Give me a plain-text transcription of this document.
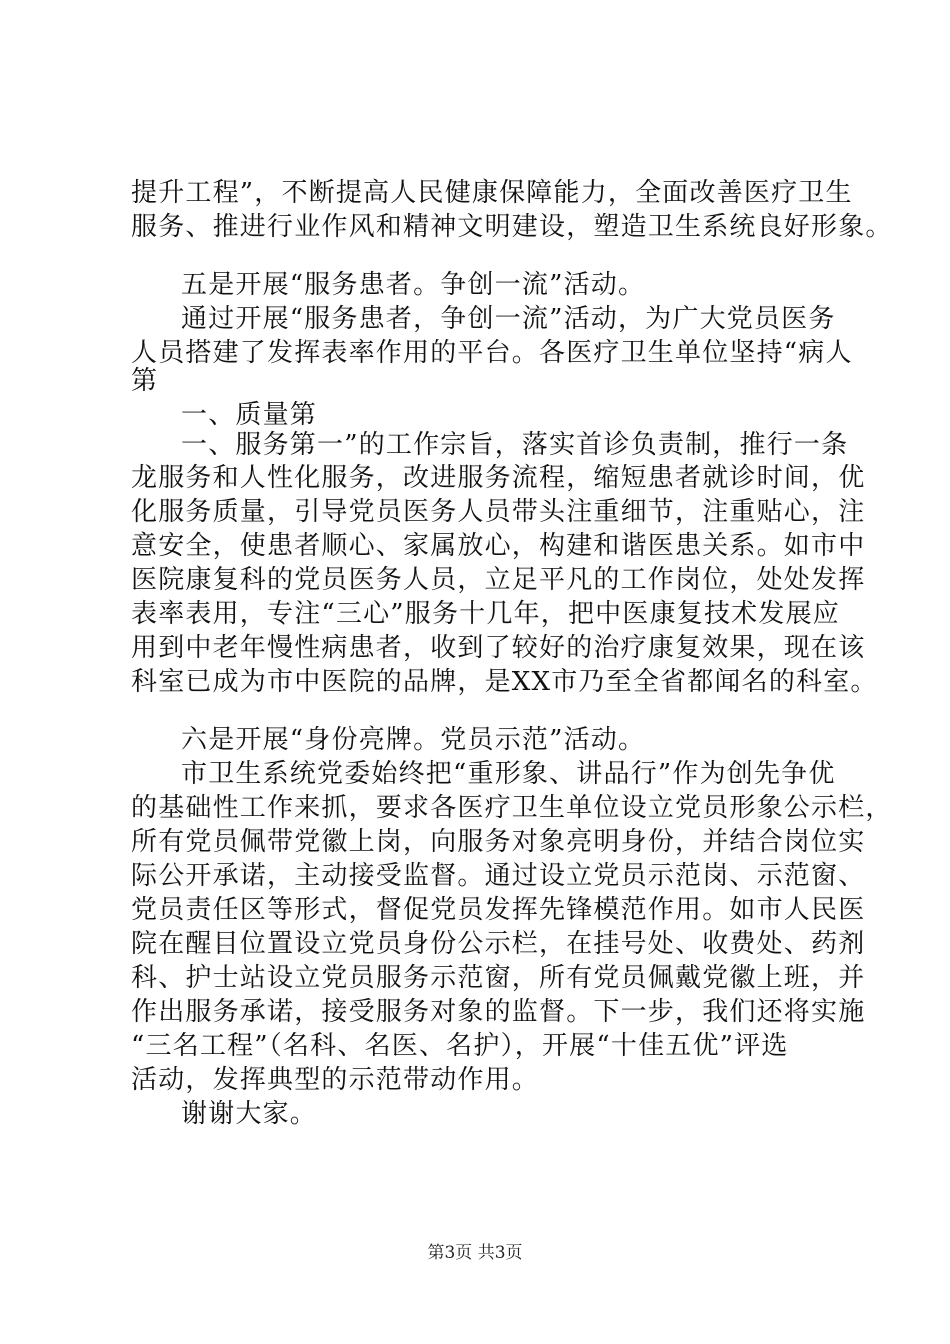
提升工程”，不断提高人民健康保障能力，全面改善医疗卫生
服务、推进行业作风和精神文明建设，塑造卫生系统良好形象。
五是开展“服务患者。争创一流”活动。
通过开展“服务患者，争创一流”活动，为广大党员医务
人员搭建了发挥表率作用的平台。各医疗卫生单位坚持“病人
第
一、质量第
一、服务第一”的工作宗旨，落实首诊负责制，推行一条
龙服务和人性化服务，改进服务流程，缩短患者就诊时间，优
化服务质量，引导党员医务人员带头注重细节，注重贴心，注
意安全，使患者顺心、家属放心，构建和谐医患关系。如市中
医院康复科的党员医务人员，立足平凡的工作岗位，处处发挥
表率表用，专注“三心”服务十几年，把中医康复技术发展应
用到中老年慢性病患者，收到了较好的治疗康复效果，现在该
科室已成为市中医院的品牌，是XX市乃至全省都闻名的科室。
六是开展“身份亮牌。党员示范”活动。
市卫生系统党委始终把“重形象、讲品行”作为创先争优
的基础性工作来抓，要求各医疗卫生单位设立党员形象公示栏，
所有党员佩带党徽上岗，向服务对象亮明身份，并结合岗位实
际公开承诺，主动接受监督。通过设立党员示范岗、示范窗、
党员责任区等形式，督促党员发挥先锋模范作用。如市人民医
院在醒目位置设立党员身份公示栏，在挂号处、收费处、药剂
科、护士站设立党员服务示范窗，所有党员佩戴党徽上班，并
作出服务承诺，接受服务对象的监督。下一步，我们还将实施
“三名工程”（名科、名医、名护），开展“十佳五优”评选
活动，发挥典型的示范带动作用。
谢谢大家。
第3页 共3页
